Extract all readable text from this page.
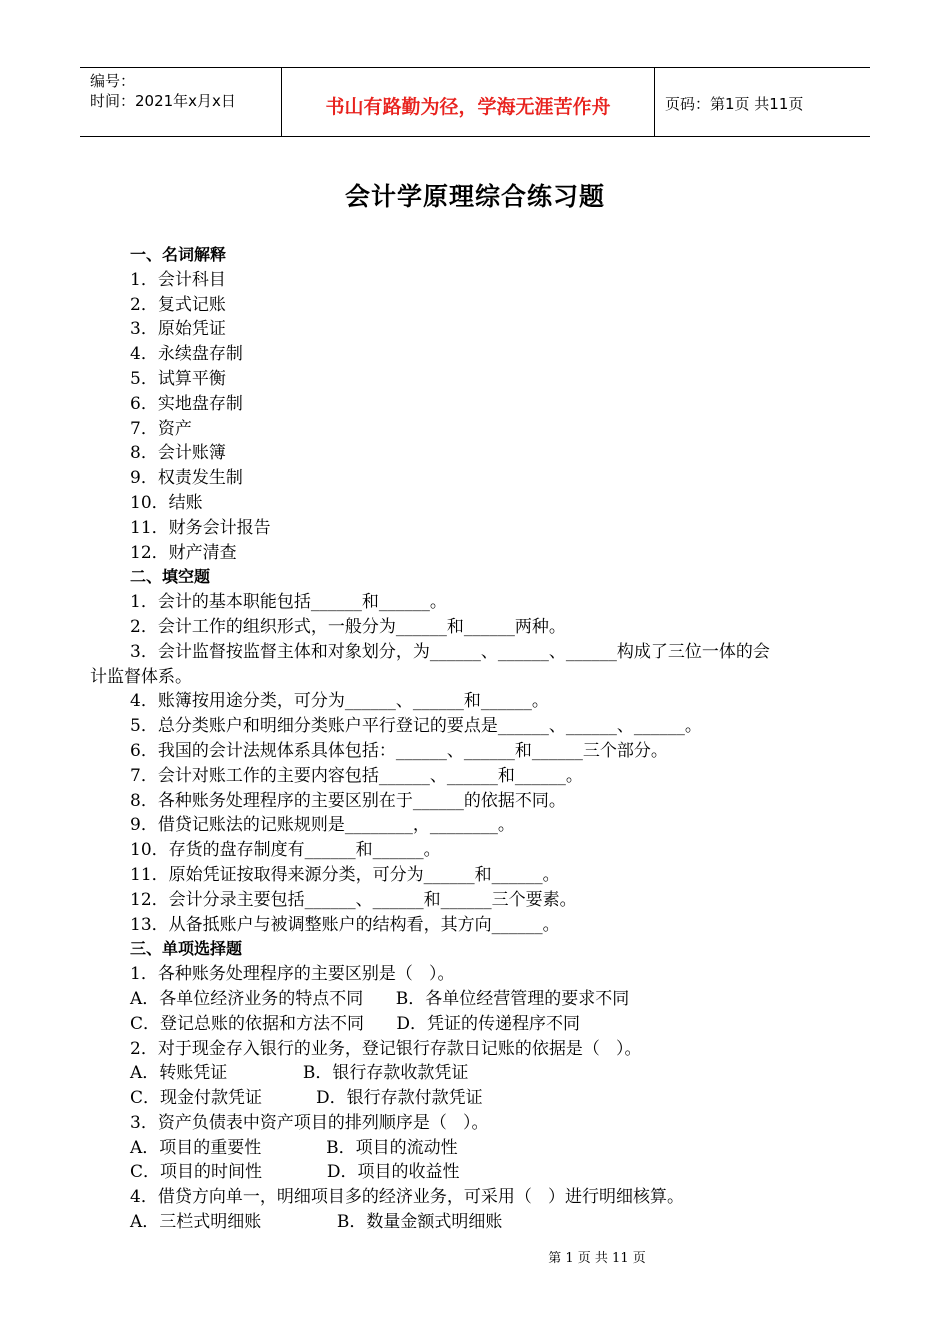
编号：
时间：2021年x月x日	书山有路勤为径，学海无涯苦作舟	页码：第1页 共11页
会计学原理综合练习题
一、名词解释
1．会计科目
2．复式记账
3．原始凭证
4．永续盘存制
5．试算平衡
6．实地盘存制
7．资产
8．会计账簿
9．权责发生制
10．结账
11．财务会计报告
12．财产清查
二、填空题
1．会计的基本职能包括______和______。
2．会计工作的组织形式，一般分为______和______两种。
3．会计监督按监督主体和对象划分，为______、______、______构成了三位一体的会
计监督体系。
4．账簿按用途分类，可分为______、______和______。
5．总分类账户和明细分类账户平行登记的要点是______、______、______。
6．我国的会计法规体系具体包括：______、______和______三个部分。
7．会计对账工作的主要内容包括______、______和______。
8．各种账务处理程序的主要区别在于______的依据不同。
9．借贷记账法的记账规则是________，________。
10．存货的盘存制度有______和______。
11．原始凭证按取得来源分类，可分为______和______。
12．会计分录主要包括______、______和______三个要素。
13．从备抵账户与被调整账户的结构看，其方向______。
三、单项选择题
1．各种账务处理程序的主要区别是（   ）。
A．各单位经济业务的特点不同      B．各单位经营管理的要求不同
C．登记总账的依据和方法不同      D．凭证的传递程序不同
2．对于现金存入银行的业务，登记银行存款日记账的依据是（   ）。
A．转账凭证              B．银行存款收款凭证
C．现金付款凭证          D．银行存款付款凭证
3．资产负债表中资产项目的排列顺序是（   ）。
A．项目的重要性            B．项目的流动性
C．项目的时间性            D．项目的收益性
4．借贷方向单一，明细项目多的经济业务，可采用（   ）进行明细核算。
A．三栏式明细账              B．数量金额式明细账
第 1 页 共 11 页
